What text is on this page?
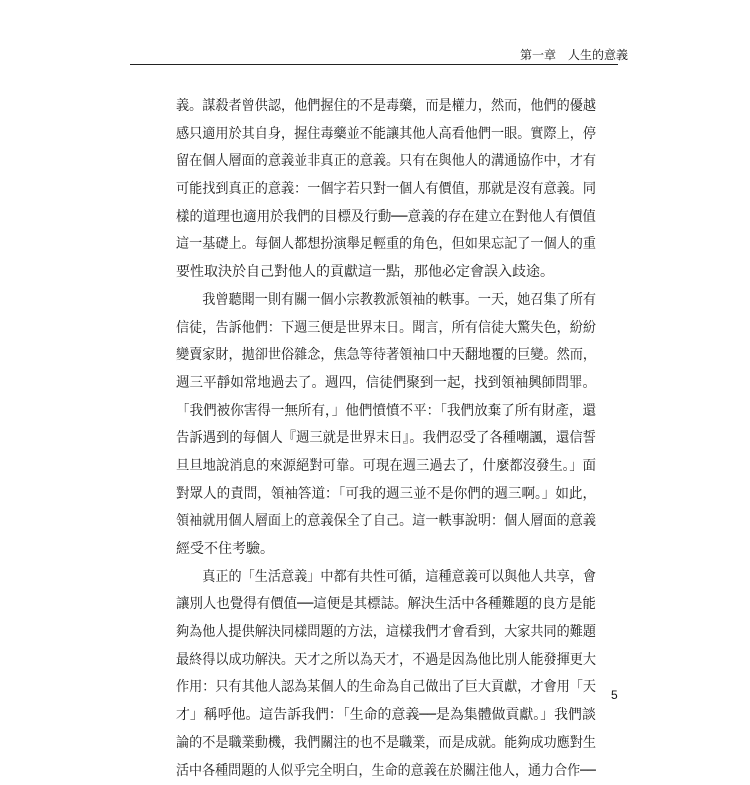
第一章　人生的意義
義。謀殺者曾供認，他們握住的不是毒藥，而是權力，然而，他們的優越
感只適用於其自身，握住毒藥並不能讓其他人高看他們一眼。實際上，停
留在個人層面的意義並非真正的意義。只有在與他人的溝通協作中，才有
可能找到真正的意義：一個字若只對一個人有價值，那就是沒有意義。同
樣的道理也適用於我們的目標及行動──意義的存在建立在對他人有價值
這一基礎上。每個人都想扮演舉足輕重的角色，但如果忘記了一個人的重
要性取決於自己對他人的貢獻這一點，那他必定會誤入歧途。
　　我曾聽聞一則有關一個小宗教教派領袖的軼事。一天，她召集了所有
信徒，告訴他們：下週三便是世界末日。聞言，所有信徒大驚失色，紛紛
變賣家財，拋卻世俗雜念，焦急等待著領袖口中天翻地覆的巨變。然而，
週三平靜如常地過去了。週四，信徒們聚到一起，找到領袖興師問罪。
「我們被你害得一無所有，」他們憤憤不平：「我們放棄了所有財產，還
告訴遇到的每個人『週三就是世界末日』。我們忍受了各種嘲諷，還信誓
旦旦地說消息的來源絕對可靠。可現在週三過去了，什麼都沒發生。」面
對眾人的責問，領袖答道：「可我的週三並不是你們的週三啊。」如此，
領袖就用個人層面上的意義保全了自己。這一軼事說明：個人層面的意義
經受不住考驗。
　　真正的「生活意義」中都有共性可循，這種意義可以與他人共享，會
讓別人也覺得有價值──這便是其標誌。解決生活中各種難題的良方是能
夠為他人提供解決同樣問題的方法，這樣我們才會看到，大家共同的難題
最終得以成功解決。天才之所以為天才，不過是因為他比別人能發揮更大
作用：只有其他人認為某個人的生命為自己做出了巨大貢獻，才會用「天
才」稱呼他。這告訴我們：「生命的意義──是為集體做貢獻。」我們談
論的不是職業動機，我們關注的也不是職業，而是成就。能夠成功應對生
活中各種問題的人似乎完全明白，生命的意義在於關注他人，通力合作──
5
